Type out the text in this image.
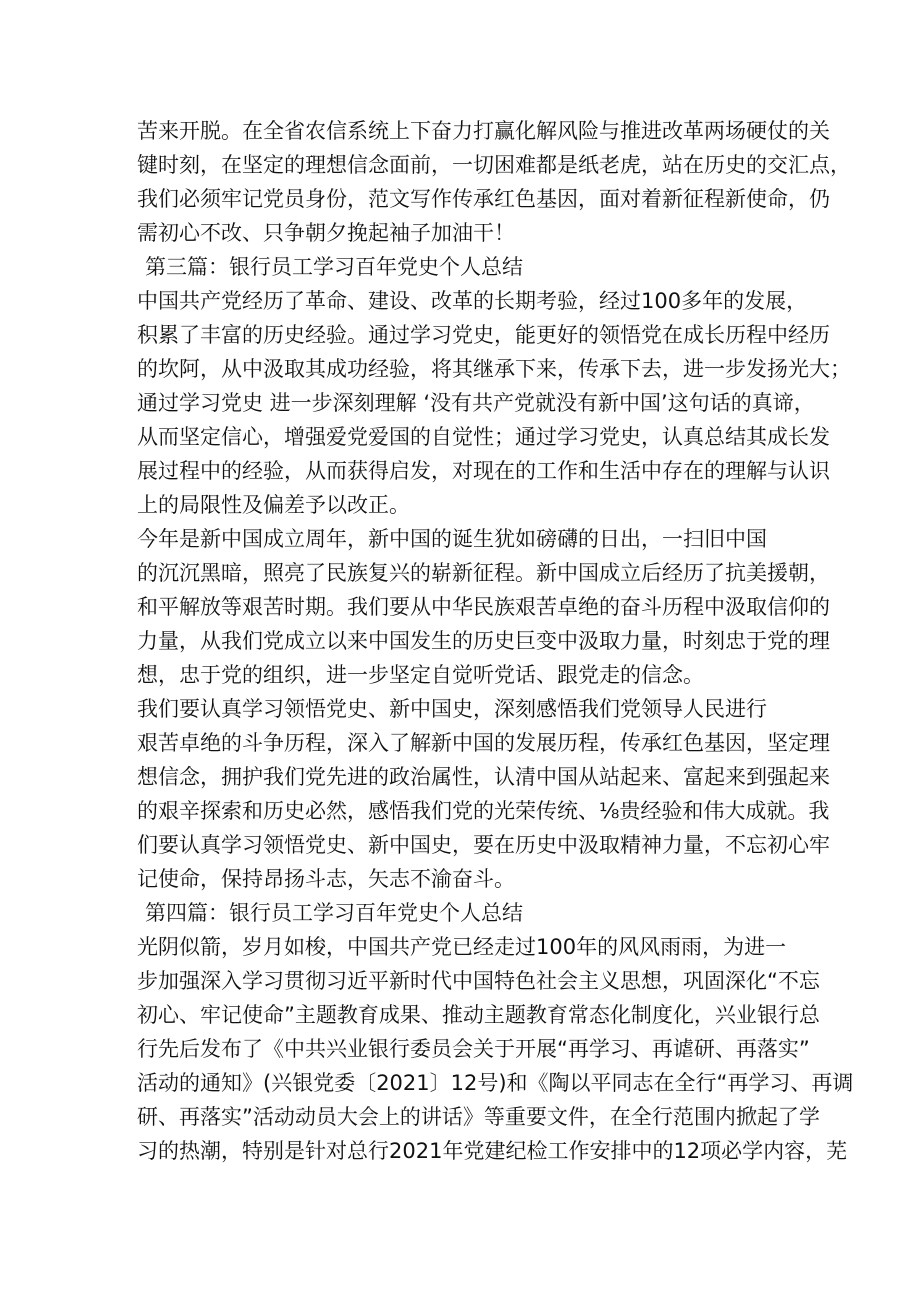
苦来开脱。在全省农信系统上下奋力打赢化解风险与推进改革两场硬仗的关
键时刻，在坚定的理想信念面前，一切困难都是纸老虎，站在历史的交汇点，
我们必须牢记党员身份，范文写作传承红色基因，面对着新征程新使命，仍
需初心不改、只争朝夕挽起袖子加油干！
第三篇：银行员工学习百年党史个人总结
中国共产党经历了革命、建设、改革的长期考验，经过100多年的发展，
积累了丰富的历史经验。通过学习党史，能更好的领悟党在成长历程中经历
的坎阿，从中汲取其成功经验，将其继承下来，传承下去，进一步发扬光大；
通过学习党史 进一步深刻理解 ‘没有共产党就没有新中国’这句话的真谛，
从而坚定信心，增强爱党爱国的自觉性；通过学习党史，认真总结其成长发
展过程中的经验，从而获得启发，对现在的工作和生活中存在的理解与认识
上的局限性及偏差予以改正。
今年是新中国成立周年，新中国的诞生犹如磅礴的日出，一扫旧中国
的沉沉黑暗，照亮了民族复兴的崭新征程。新中国成立后经历了抗美援朝，
和平解放等艰苦时期。我们要从中华民族艰苦卓绝的奋斗历程中汲取信仰的
力量，从我们党成立以来中国发生的历史巨变中汲取力量，时刻忠于党的理
想，忠于党的组织，进一步坚定自觉听党话、跟党走的信念。
我们要认真学习领悟党史、新中国史，深刻感悟我们党领导人民进行
艰苦卓绝的斗争历程，深入了解新中国的发展历程，传承红色基因，坚定理
想信念，拥护我们党先进的政治属性，认清中国从站起来、富起来到强起来
的艰辛探索和历史必然，感悟我们党的光荣传统、⅛贵经验和伟大成就。我
们要认真学习领悟党史、新中国史，要在历史中汲取精神力量，不忘初心牢
记使命，保持昂扬斗志，矢志不渝奋斗。
第四篇：银行员工学习百年党史个人总结
光阴似箭，岁月如梭，中国共产党已经走过100年的风风雨雨，为进一
步加强深入学习贯彻习近平新时代中国特色社会主义思想，巩固深化“不忘
初心、牢记使命”主题教育成果、推动主题教育常态化制度化，兴业银行总
行先后发布了《中共兴业银行委员会关于开展“再学习、再谑研、再落实”
活动的通知》(兴银党委〔2021〕12号)和《陶以平同志在全行“再学习、再调
研、再落实”活动动员大会上的讲话》等重要文件，在全行范围内掀起了学
习的热潮，特别是针对总行2021年党建纪检工作安排中的12项必学内容，芜
